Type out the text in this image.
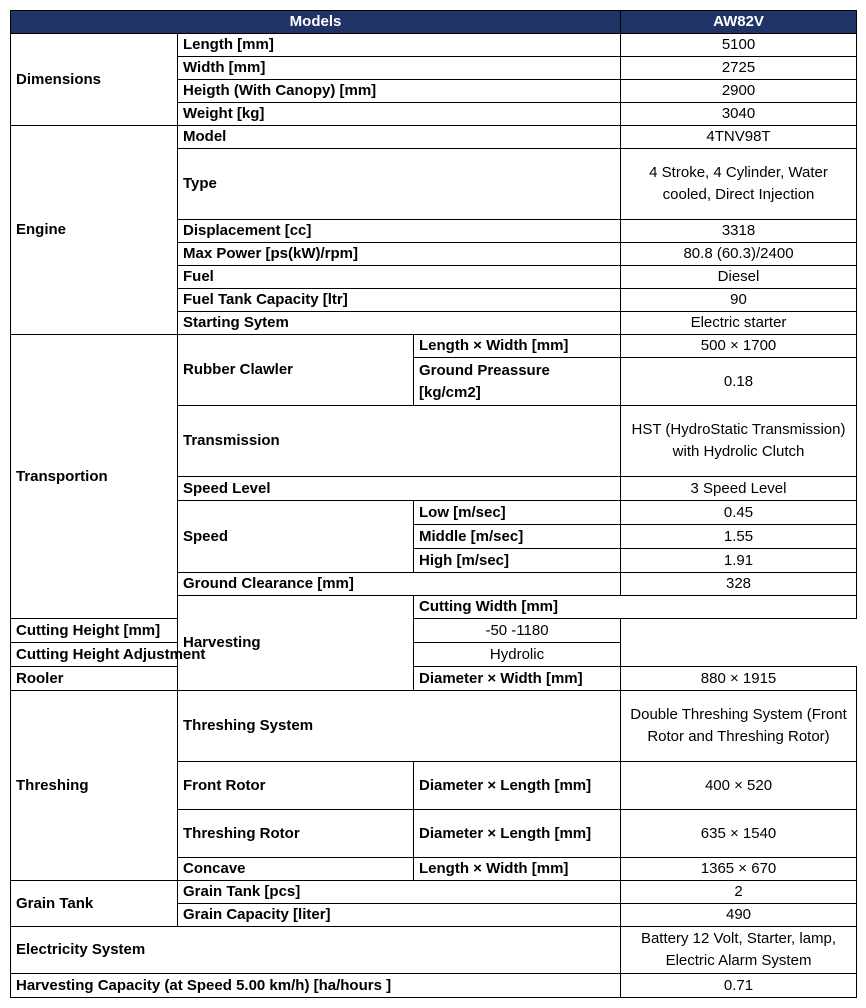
Models			AW82V	
Dimensions	Length [mm]		5100	
	Width [mm]		2725	
	Heigth (With Canopy) [mm]		2900	
	Weight [kg]		3040	
Engine	Model		4TNV98T	
	Type		4 Stroke, 4 Cylinder, Water cooled, Direct Injection	
	Displacement [cc]		3318	
	Max Power [ps(kW)/rpm]		80.8 (60.3)/2400	
	Fuel		Diesel	
	Fuel Tank Capacity [ltr]		90	
	Starting Sytem		Electric starter	
Transportion	Rubber Clawler	Length × Width [mm]	500 × 1700	
		Ground Preassure [kg/cm2]	0.18	
	Transmission		HST (HydroStatic Transmission) with Hydrolic Clutch	
	Speed Level		3 Speed Level	
	Speed	Low [m/sec]	0.45	
		Middle [m/sec]	1.55	
		High [m/sec]	1.91	
	Ground Clearance [mm]		328	
	Harvesting	Cutting Width [mm]	
Cutting Height [mm]		-50 -1180		
Cutting Height Adjustment		Hydrolic		
Rooler		Diameter × Width [mm]	880 × 1915	
Threshing	Threshing System		Double Threshing System (Front Rotor and Threshing Rotor)	
	Front Rotor	Diameter × Length [mm]	400 × 520	
	Threshing Rotor	Diameter × Length [mm]	635 × 1540	
	Concave	Length × Width [mm]	1365 × 670	
Grain Tank	Grain Tank [pcs]		2	
	Grain Capacity [liter]		490	
Electricity System			Battery 12 Volt, Starter, lamp, Electric Alarm System	
Harvesting Capacity (at Speed 5.00 km/h) [ha/hours ]			0.71	
